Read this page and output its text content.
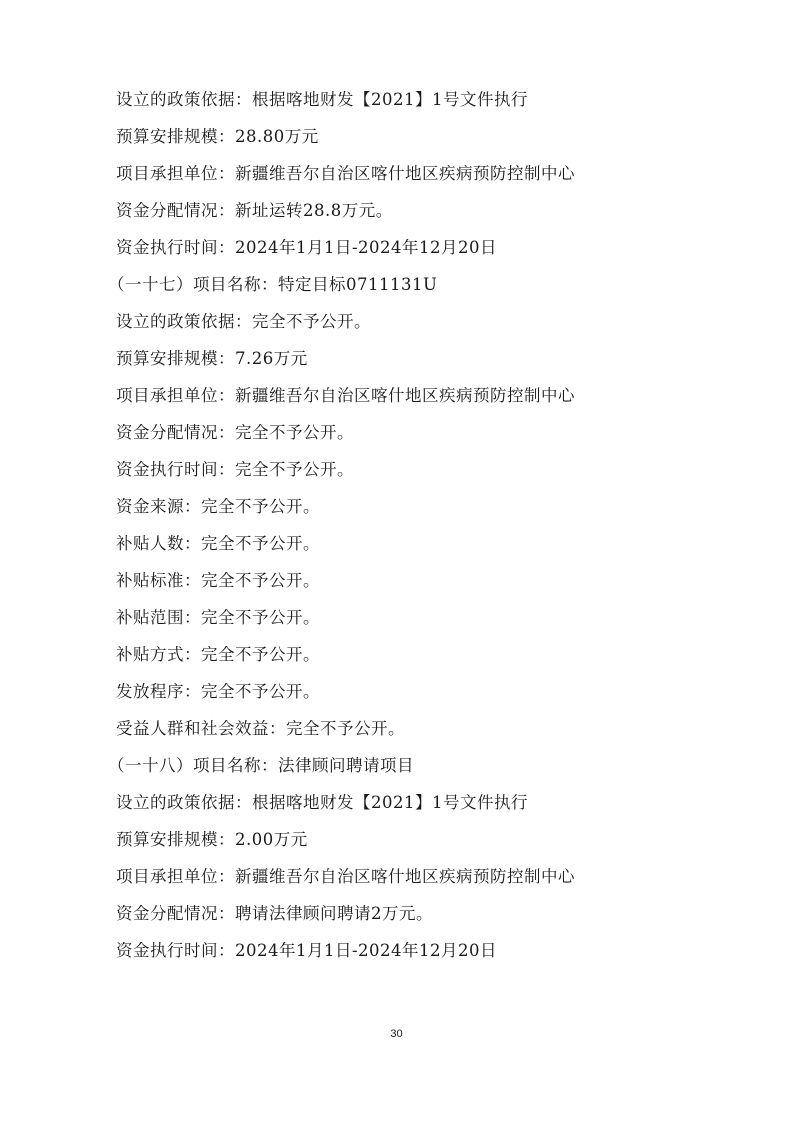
设立的政策依据：根据喀地财发【2021】1号文件执行
预算安排规模：28.80万元
项目承担单位：新疆维吾尔自治区喀什地区疾病预防控制中心
资金分配情况：新址运转28.8万元。
资金执行时间：2024年1月1日-2024年12月20日
（一十七）项目名称：特定目标0711131U
设立的政策依据：完全不予公开。
预算安排规模：7.26万元
项目承担单位：新疆维吾尔自治区喀什地区疾病预防控制中心
资金分配情况：完全不予公开。
资金执行时间：完全不予公开。
资金来源：完全不予公开。
补贴人数：完全不予公开。
补贴标准：完全不予公开。
补贴范围：完全不予公开。
补贴方式：完全不予公开。
发放程序：完全不予公开。
受益人群和社会效益：完全不予公开。
（一十八）项目名称：法律顾问聘请项目
设立的政策依据：根据喀地财发【2021】1号文件执行
预算安排规模：2.00万元
项目承担单位：新疆维吾尔自治区喀什地区疾病预防控制中心
资金分配情况：聘请法律顾问聘请2万元。
资金执行时间：2024年1月1日-2024年12月20日
30
